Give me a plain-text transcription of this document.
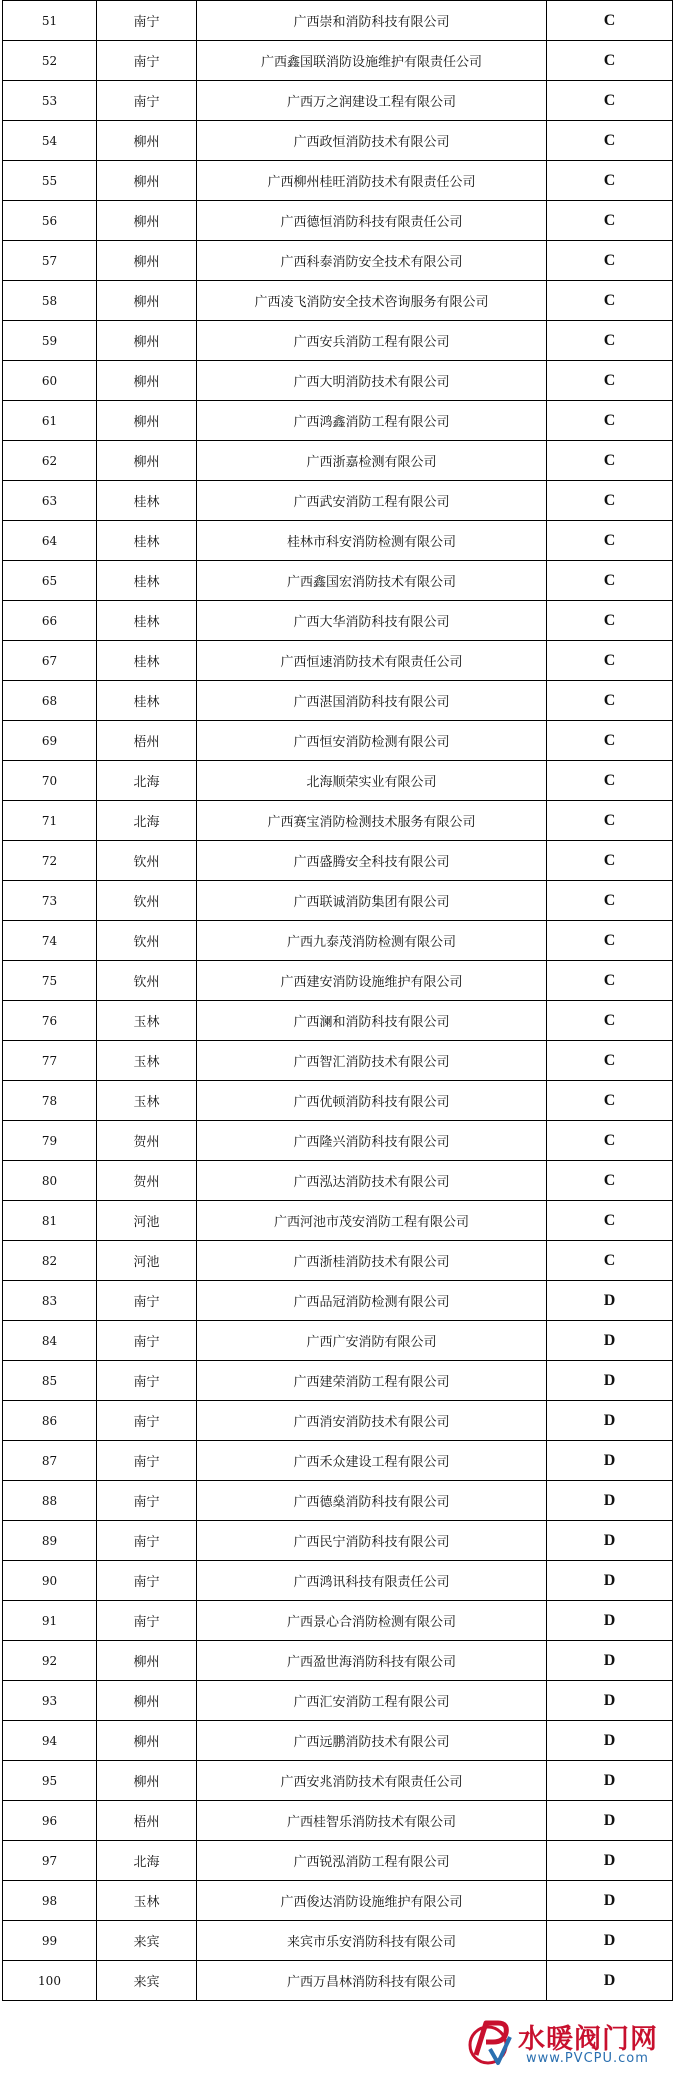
51	南宁	广西崇和消防科技有限公司	C
52	南宁	广西鑫国联消防设施维护有限责任公司	C
53	南宁	广西万之润建设工程有限公司	C
54	柳州	广西政恒消防技术有限公司	C
55	柳州	广西柳州桂旺消防技术有限责任公司	C
56	柳州	广西德恒消防科技有限责任公司	C
57	柳州	广西科泰消防安全技术有限公司	C
58	柳州	广西凌飞消防安全技术咨询服务有限公司	C
59	柳州	广西安兵消防工程有限公司	C
60	柳州	广西大明消防技术有限公司	C
61	柳州	广西鸿鑫消防工程有限公司	C
62	柳州	广西浙嘉检测有限公司	C
63	桂林	广西武安消防工程有限公司	C
64	桂林	桂林市科安消防检测有限公司	C
65	桂林	广西鑫国宏消防技术有限公司	C
66	桂林	广西大华消防科技有限公司	C
67	桂林	广西恒速消防技术有限责任公司	C
68	桂林	广西湛国消防科技有限公司	C
69	梧州	广西恒安消防检测有限公司	C
70	北海	北海顺荣实业有限公司	C
71	北海	广西赛宝消防检测技术服务有限公司	C
72	钦州	广西盛腾安全科技有限公司	C
73	钦州	广西联诚消防集团有限公司	C
74	钦州	广西九泰茂消防检测有限公司	C
75	钦州	广西建安消防设施维护有限公司	C
76	玉林	广西澜和消防科技有限公司	C
77	玉林	广西智汇消防技术有限公司	C
78	玉林	广西优顿消防科技有限公司	C
79	贺州	广西隆兴消防科技有限公司	C
80	贺州	广西泓达消防技术有限公司	C
81	河池	广西河池市茂安消防工程有限公司	C
82	河池	广西浙桂消防技术有限公司	C
83	南宁	广西品冠消防检测有限公司	D
84	南宁	广西广安消防有限公司	D
85	南宁	广西建荣消防工程有限公司	D
86	南宁	广西消安消防技术有限公司	D
87	南宁	广西禾众建设工程有限公司	D
88	南宁	广西德燊消防科技有限公司	D
89	南宁	广西民宁消防科技有限公司	D
90	南宁	广西鸿讯科技有限责任公司	D
91	南宁	广西景心合消防检测有限公司	D
92	柳州	广西盈世海消防科技有限公司	D
93	柳州	广西汇安消防工程有限公司	D
94	柳州	广西远鹏消防技术有限公司	D
95	柳州	广西安兆消防技术有限责任公司	D
96	梧州	广西桂智乐消防技术有限公司	D
97	北海	广西锐泓消防工程有限公司	D
98	玉林	广西俊达消防设施维护有限公司	D
99	来宾	来宾市乐安消防科技有限公司	D
100	来宾	广西万昌林消防科技有限公司	D
水暖阀门网
www.PVCPU.com
